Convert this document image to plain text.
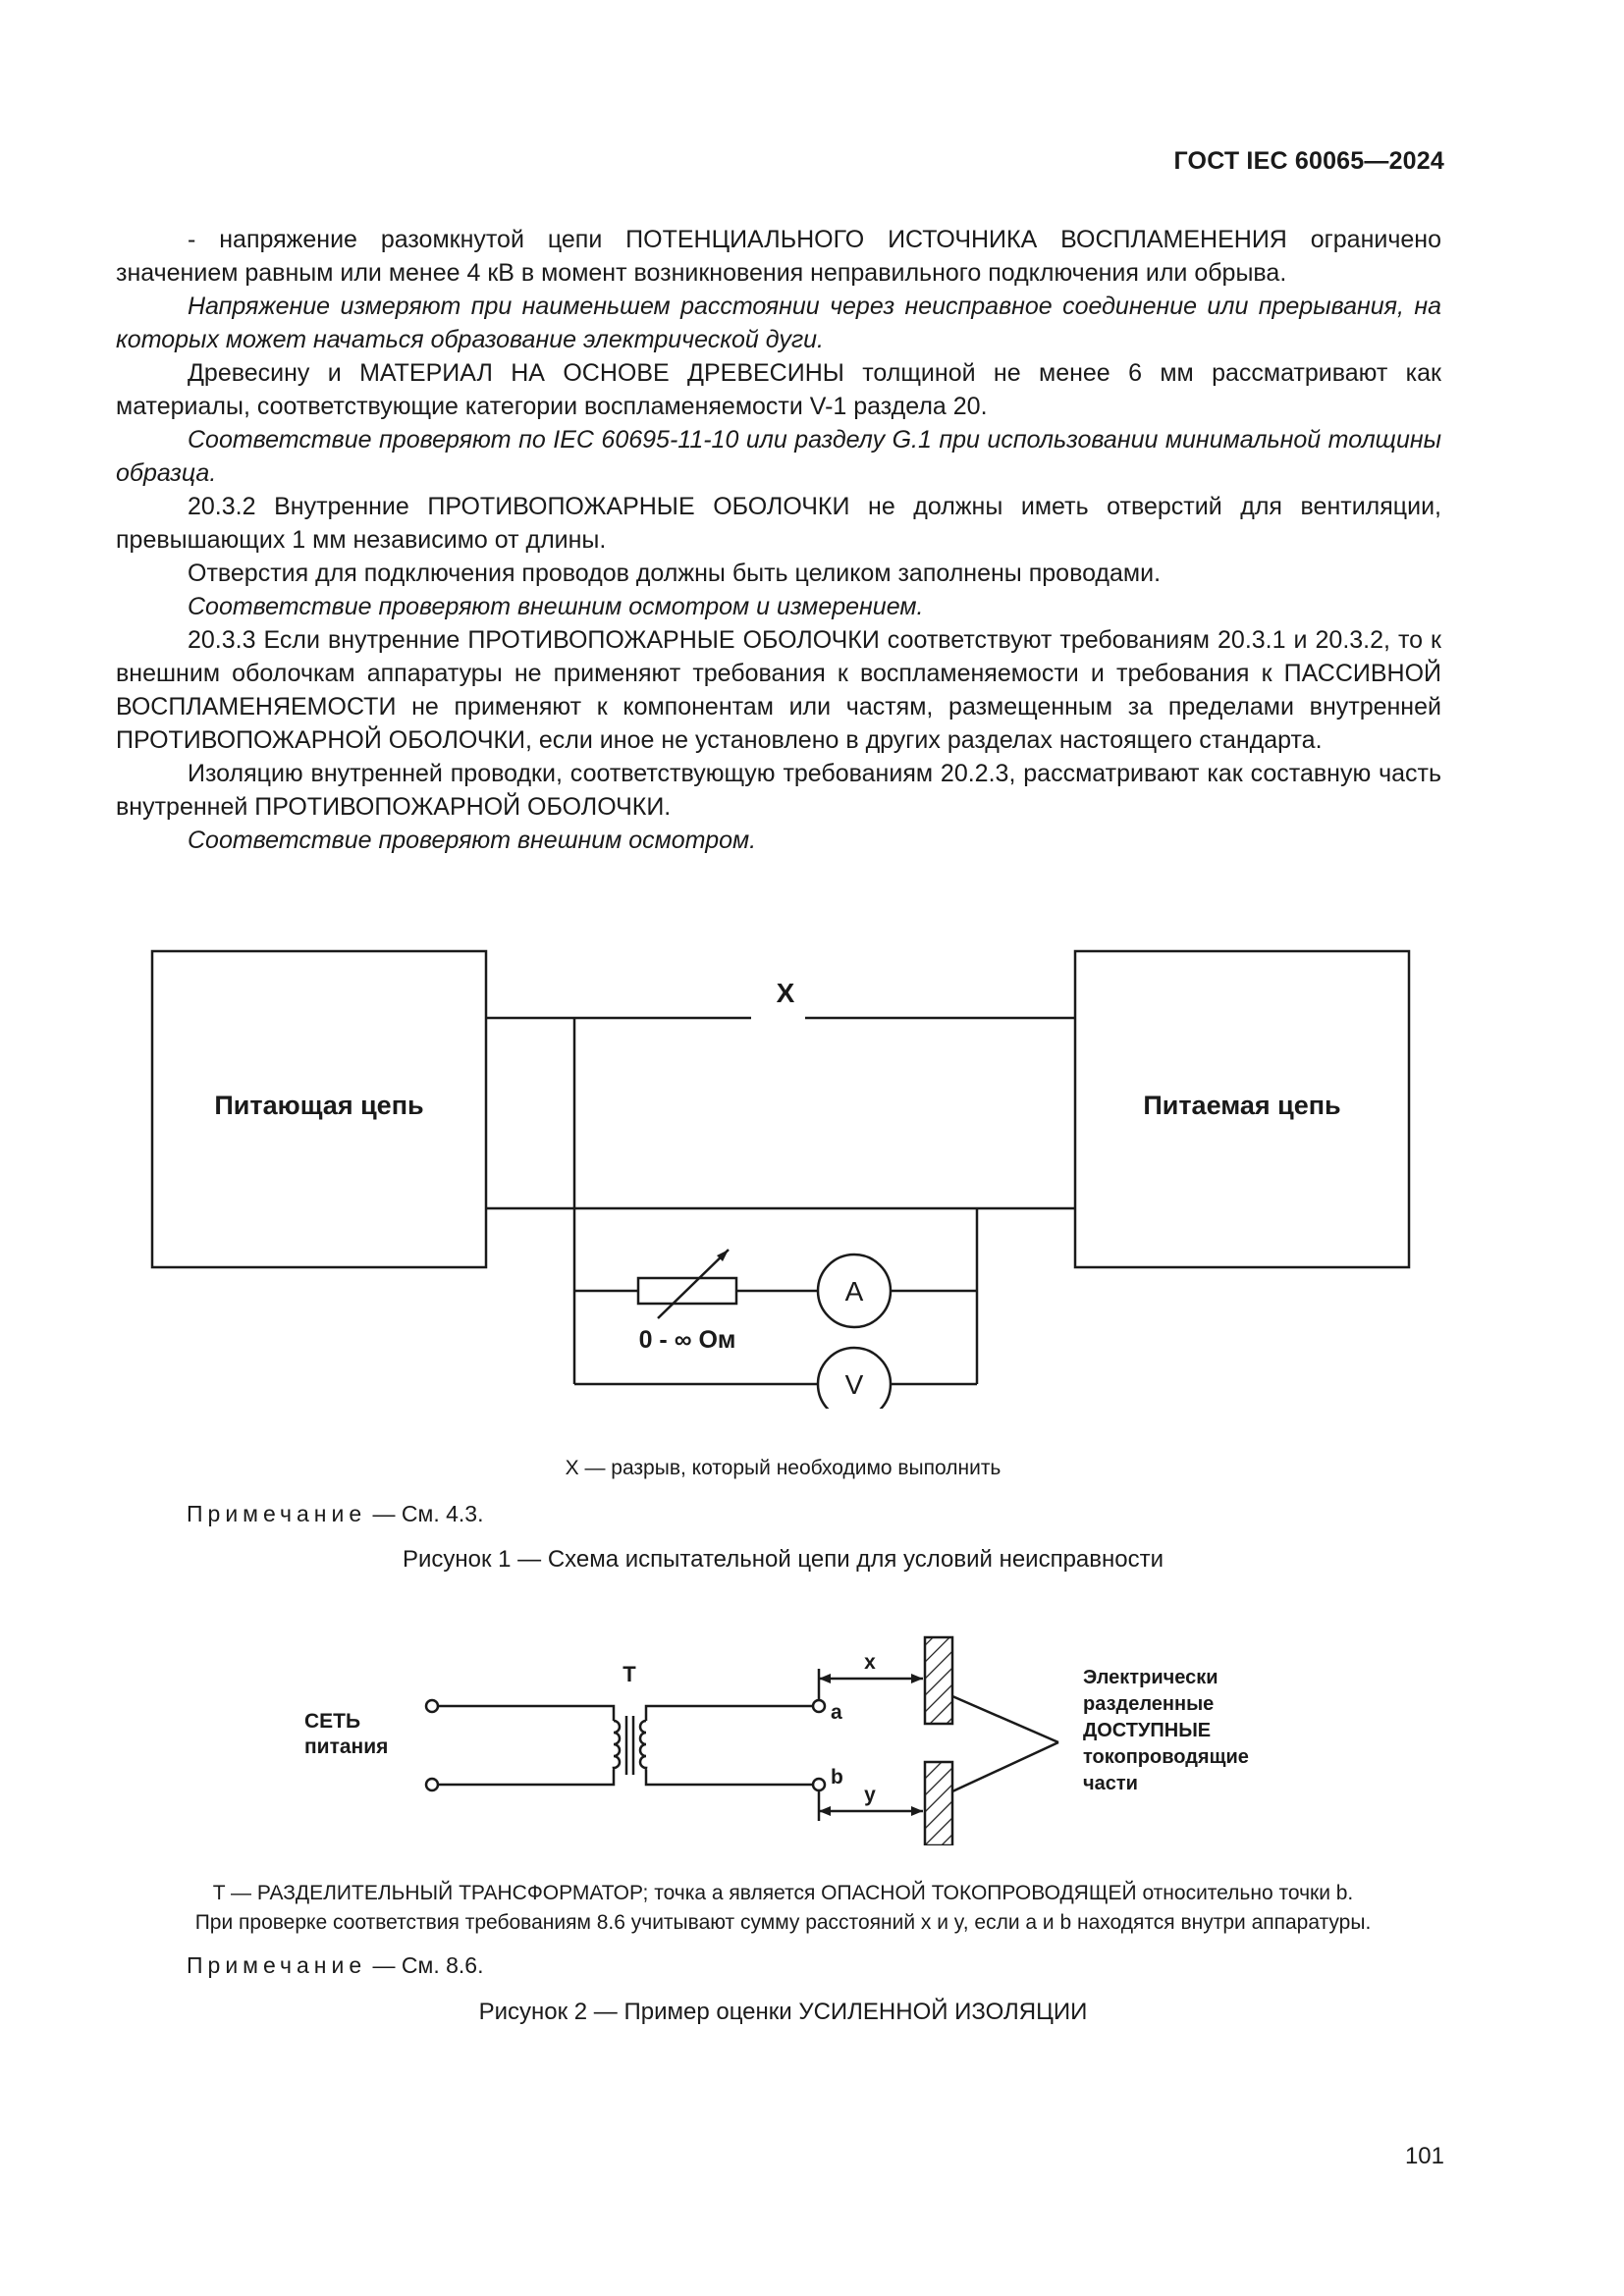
ГОСТ IEC 60065—2024

- напряжение разомкнутой цепи ПОТЕНЦИАЛЬНОГО ИСТОЧНИКА ВОСПЛАМЕНЕНИЯ ограничено значением равным или менее 4 кВ в момент возникновения неправильного подключения или обрыва.

Напряжение измеряют при наименьшем расстоянии через неисправное соединение или прерывания, на которых может начаться образование электрической дуги.

Древесину и МАТЕРИАЛ НА ОСНОВЕ ДРЕВЕСИНЫ толщиной не менее 6 мм рассматривают как материалы, соответствующие категории воспламеняемости V-1 раздела 20.

Соответствие проверяют по IEC 60695-11-10 или разделу G.1 при использовании минимальной толщины образца.

20.3.2 Внутренние ПРОТИВОПОЖАРНЫЕ ОБОЛОЧКИ не должны иметь отверстий для вентиляции, превышающих 1 мм независимо от длины.

Отверстия для подключения проводов должны быть целиком заполнены проводами.

Соответствие проверяют внешним осмотром и измерением.

20.3.3 Если внутренние ПРОТИВОПОЖАРНЫЕ ОБОЛОЧКИ соответствуют требованиям 20.3.1 и 20.3.2, то к внешним оболочкам аппаратуры не применяют требования к воспламеняемости и требования к ПАССИВНОЙ ВОСПЛАМЕНЯЕМОСТИ не применяют к компонентам или частям, размещенным за пределами внутренней ПРОТИВОПОЖАРНОЙ ОБОЛОЧКИ, если иное не установлено в других разделах настоящего стандарта.

Изоляцию внутренней проводки, соответствующую требованиям 20.2.3, рассматривают как составную часть внутренней ПРОТИВОПОЖАРНОЙ ОБОЛОЧКИ.

Соответствие проверяют внешним осмотром.

Питающая цепь	Питаемая цепь
X
0 - ∞ Ом
A
V
X — разрыв, который необходимо выполнить
Примечание — См. 4.3.
Рисунок 1 — Схема испытательной цепи для условий неисправности
СЕТЬ
питания
T
a
b
x
y
Электрически
разделенные
ДОСТУПНЫЕ
токопроводящие
части
T — РАЗДЕЛИТЕЛЬНЫЙ ТРАНСФОРМАТОР; точка a является ОПАСНОЙ ТОКОПРОВОДЯЩЕЙ относительно точки b.
При проверке соответствия требованиям 8.6 учитывают сумму расстояний x и y, если a и b находятся внутри аппаратуры.
Примечание — См. 8.6.
Рисунок 2 — Пример оценки УСИЛЕННОЙ ИЗОЛЯЦИИ
101
